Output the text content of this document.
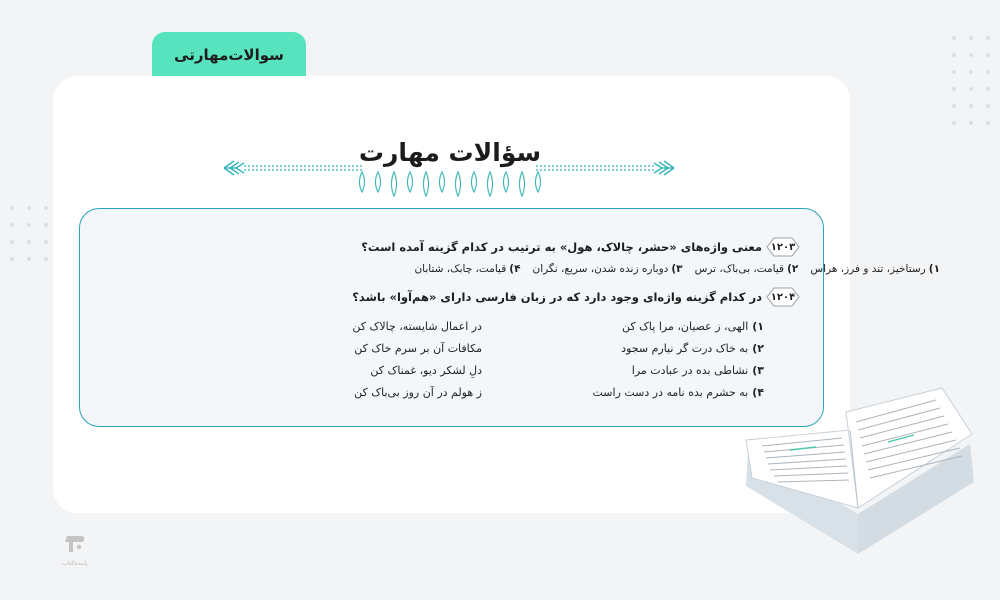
سوالات‌مهارتی
سؤالات مهارت
۱۲۰۳
معنی واژه‌های «حشر، چالاک، هول» به ترتیب در کدام گزینه آمده است؟
۱)رستاخیز، تند و فرز، هراس
۲)قیامت، بی‌باک، ترس
۳)دوباره زنده شدن، سریع، نگران
۴)قیامت، چابک، شتابان
۱۲۰۴
در کدام گزینه واژه‌ای وجود دارد که در زبان فارسی دارای «هم‌آوا» باشد؟
۱)الهی، ز عصیان، مرا پاک کن
در اعمال شایسته، چالاک کن
۲)به خاک درت گر نیارم سجود
مکافات آن بر سرم خاک کن
۳)نشاطی بده در عبادت مرا
دلِ لشکر دیو، غمناک کن
۴)به حشرم بده نامه در دست راست
ز هولم در آن روز بی‌باک کن
پاینده‌کتاب
